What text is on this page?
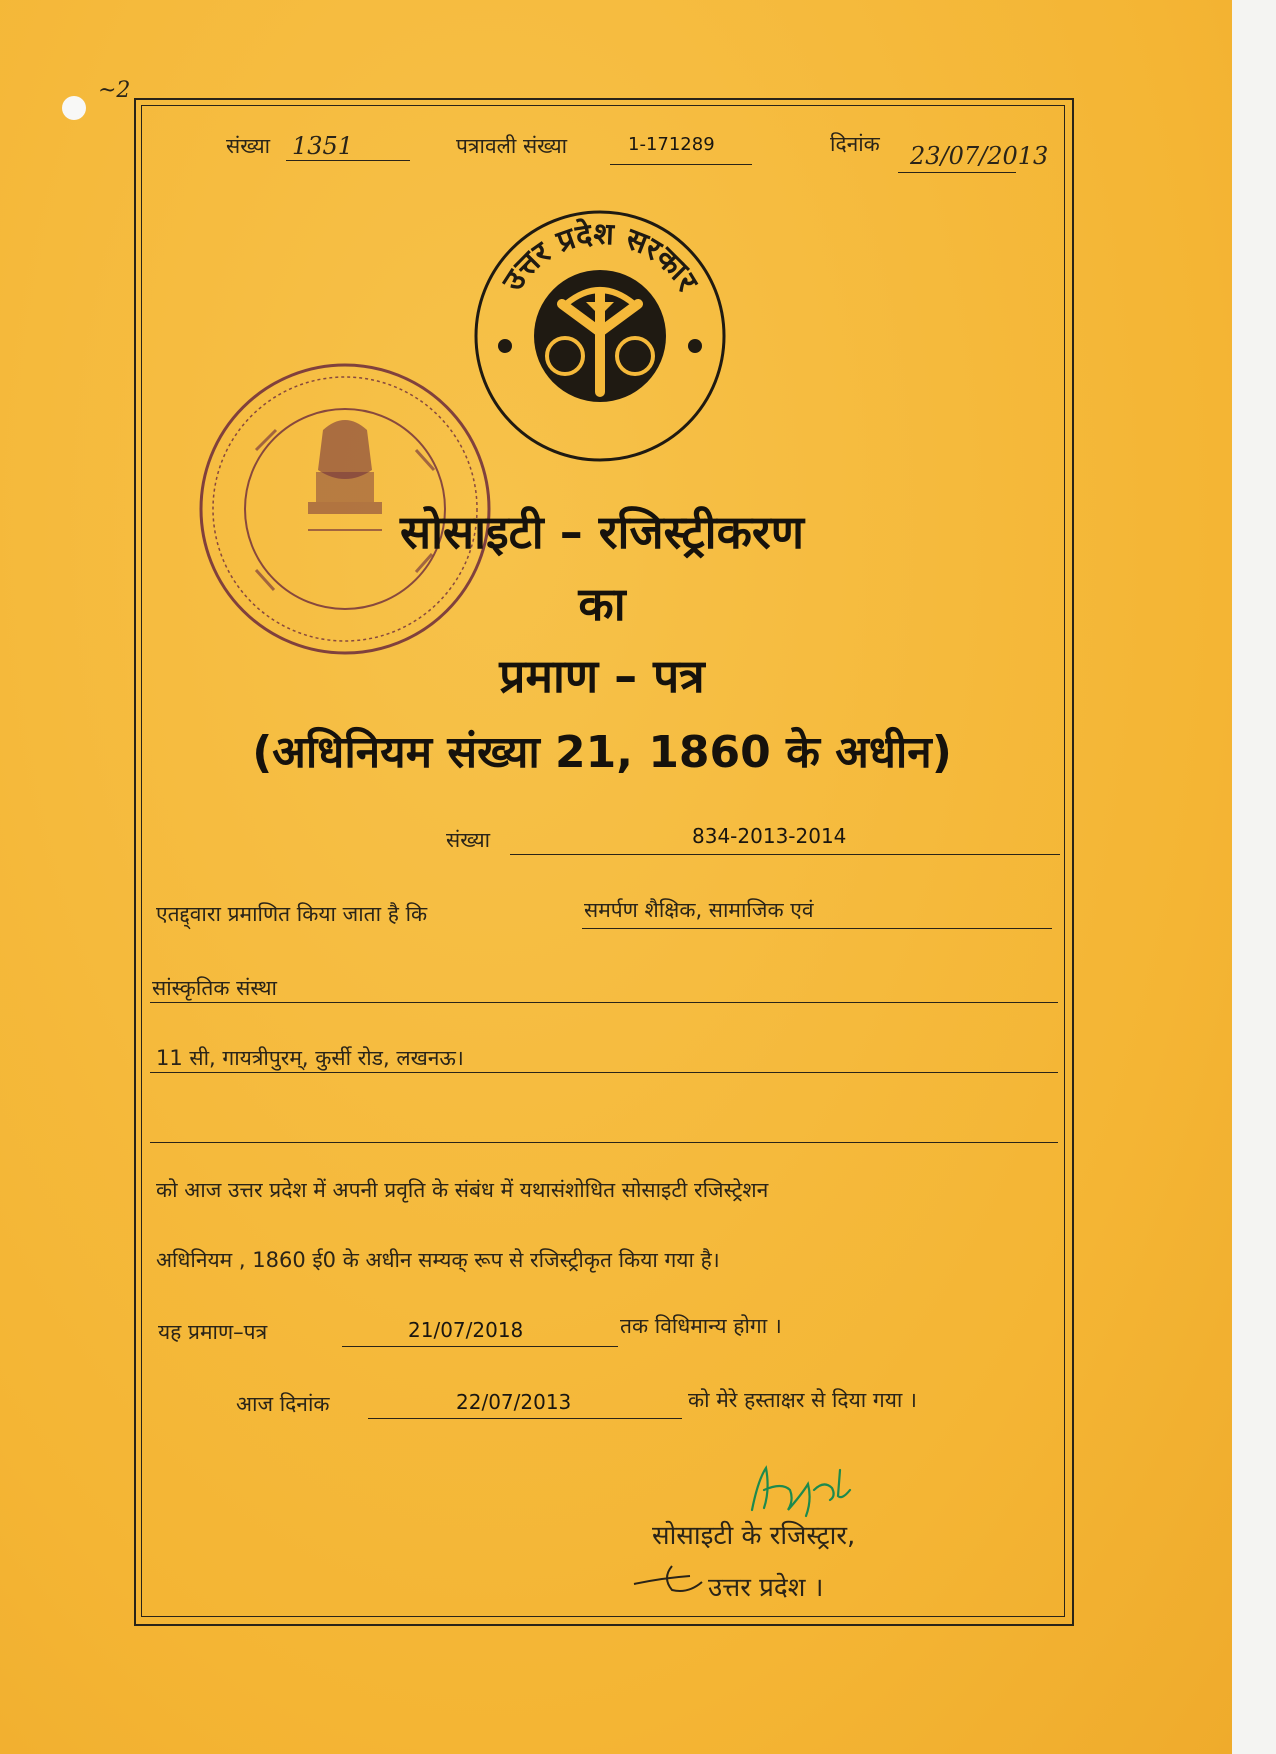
~2
संख्या 1351	पत्रावली संख्या	1-171289	दिनांक 23/07/2013
उत्तर प्रदेश सरकार
सोसाइटी – रजिस्ट्रीकरण
का
प्रमाण – पत्र
(अधिनियम संख्या 21, 1860 के अधीन)
संख्या	834-2013-2014
एतद्द्वारा प्रमाणित किया जाता है कि	समर्पण शैक्षिक, सामाजिक एवं
सांस्कृतिक संस्था
11 सी, गायत्रीपुरम्, कुर्सी रोड, लखनऊ।
को आज उत्तर प्रदेश में अपनी प्रवृति के संबंध में यथासंशोधित सोसाइटी रजिस्ट्रेशन
अधिनियम , 1860 ई0 के अधीन सम्यक् रूप से रजिस्ट्रीकृत किया गया है।
यह प्रमाण–पत्र	21/07/2018	तक विधिमान्य होगा ।
आज दिनांक	22/07/2013	को मेरे हस्ताक्षर से दिया गया ।
सोसाइटी के रजिस्ट्रार,
उत्तर प्रदेश ।
